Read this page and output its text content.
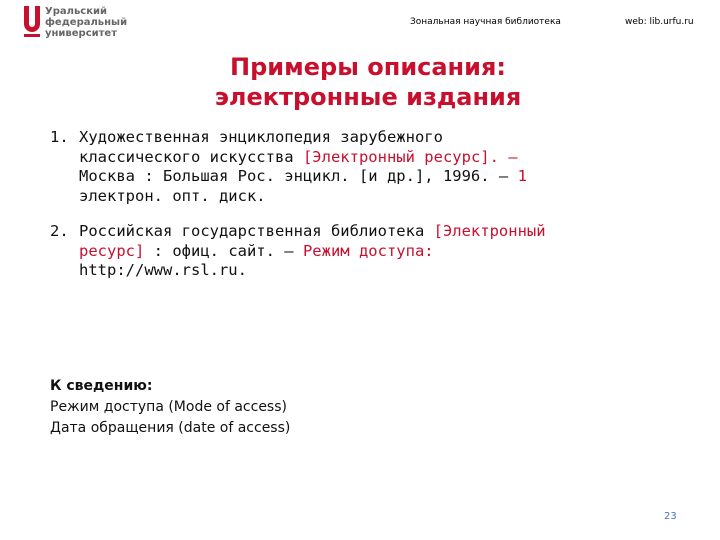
Уральский
федеральный
университет
Зональная научная библиотека	web: lib.urfu.ru
Примеры описания:
электронные издания
1. Художественная энциклопедия зарубежного
классического искусства [Электронный ресурс]. –
Москва : Большая Рос. энцикл. [и др.], 1996. – 1
электрон. опт. диск.
2. Российская государственная библиотека [Электронный
ресурс] : офиц. сайт. – Режим доступа:
http://www.rsl.ru.
К сведению:
Режим доступа (Mode of access)
Дата обращения (date of access)
23
